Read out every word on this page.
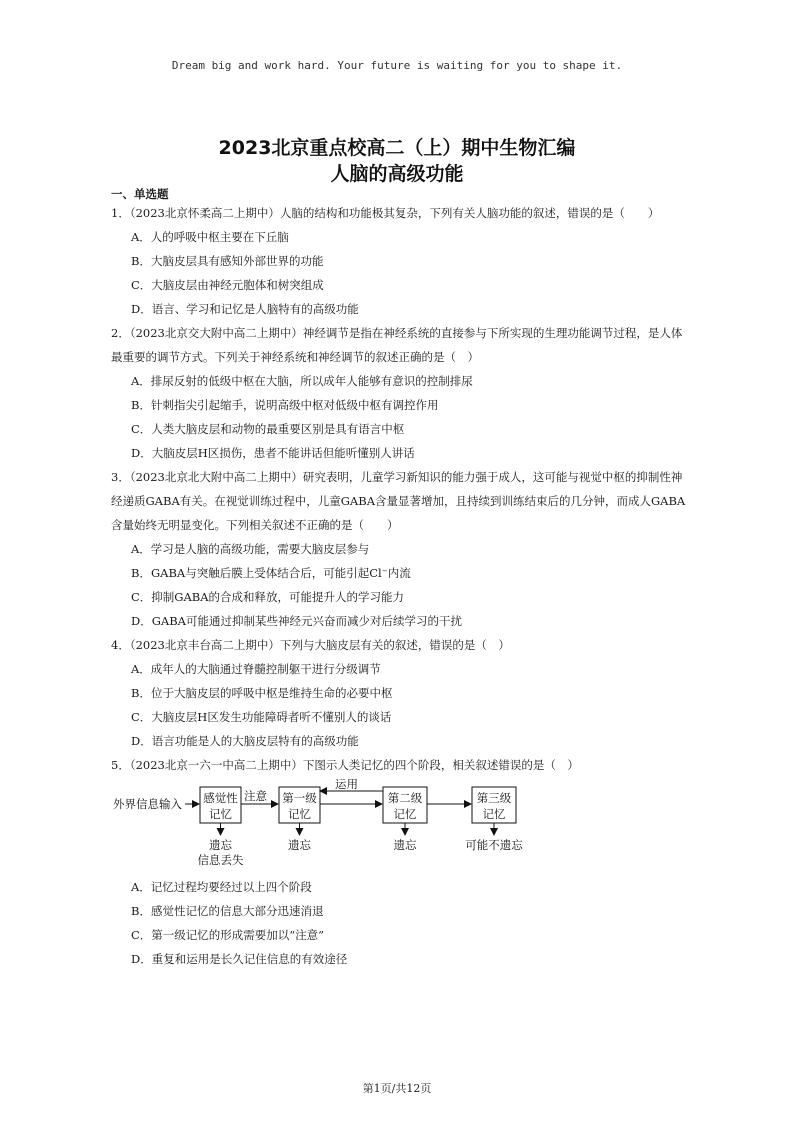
Dream big and work hard. Your future is waiting for you to shape it.
2023北京重点校高二（上）期中生物汇编
人脑的高级功能
一、单选题

1．（2023北京怀柔高二上期中）人脑的结构和功能极其复杂，下列有关人脑功能的叙述，错误的是（　　）

A．人的呼吸中枢主要在下丘脑

B．大脑皮层具有感知外部世界的功能

C．大脑皮层由神经元胞体和树突组成

D．语言、学习和记忆是人脑特有的高级功能

2．（2023北京交大附中高二上期中）神经调节是指在神经系统的直接参与下所实现的生理功能调节过程，是人体最重要的调节方式。下列关于神经系统和神经调节的叙述正确的是（　）

A．排尿反射的低级中枢在大脑，所以成年人能够有意识的控制排尿

B．针刺指尖引起缩手，说明高级中枢对低级中枢有调控作用

C．人类大脑皮层和动物的最重要区别是具有语言中枢

D．大脑皮层H区损伤，患者不能讲话但能听懂别人讲话

3．（2023北京北大附中高二上期中）研究表明，儿童学习新知识的能力强于成人，这可能与视觉中枢的抑制性神经递质GABA有关。在视觉训练过程中，儿童GABA含量显著增加，且持续到训练结束后的几分钟，而成人GABA含量始终无明显变化。下列相关叙述不正确的是（　　）

A．学习是人脑的高级功能，需要大脑皮层参与

B．GABA与突触后膜上受体结合后，可能引起Cl⁻内流

C．抑制GABA的合成和释放，可能提升人的学习能力

D．GABA可能通过抑制某些神经元兴奋而减少对后续学习的干扰

4．（2023北京丰台高二上期中）下列与大脑皮层有关的叙述，错误的是（　）

A．成年人的大脑通过脊髓控制躯干进行分级调节

B．位于大脑皮层的呼吸中枢是维持生命的必要中枢

C．大脑皮层H区发生功能障碍者听不懂别人的谈话

D．语言功能是人的大脑皮层特有的高级功能

5．（2023北京一六一中高二上期中）下图示人类记忆的四个阶段，相关叙述错误的是（　）

外界信息输入 感觉性
记忆
注意 第一级
记忆
运用
第二级
记忆
第三级
记忆
遗忘
信息丢失
遗忘	遗忘	可能不遗忘

A．记忆过程均要经过以上四个阶段

B．感觉性记忆的信息大部分迅速消退

C．第一级记忆的形成需要加以“注意”

D．重复和运用是长久记住信息的有效途径

第1页/共12页
